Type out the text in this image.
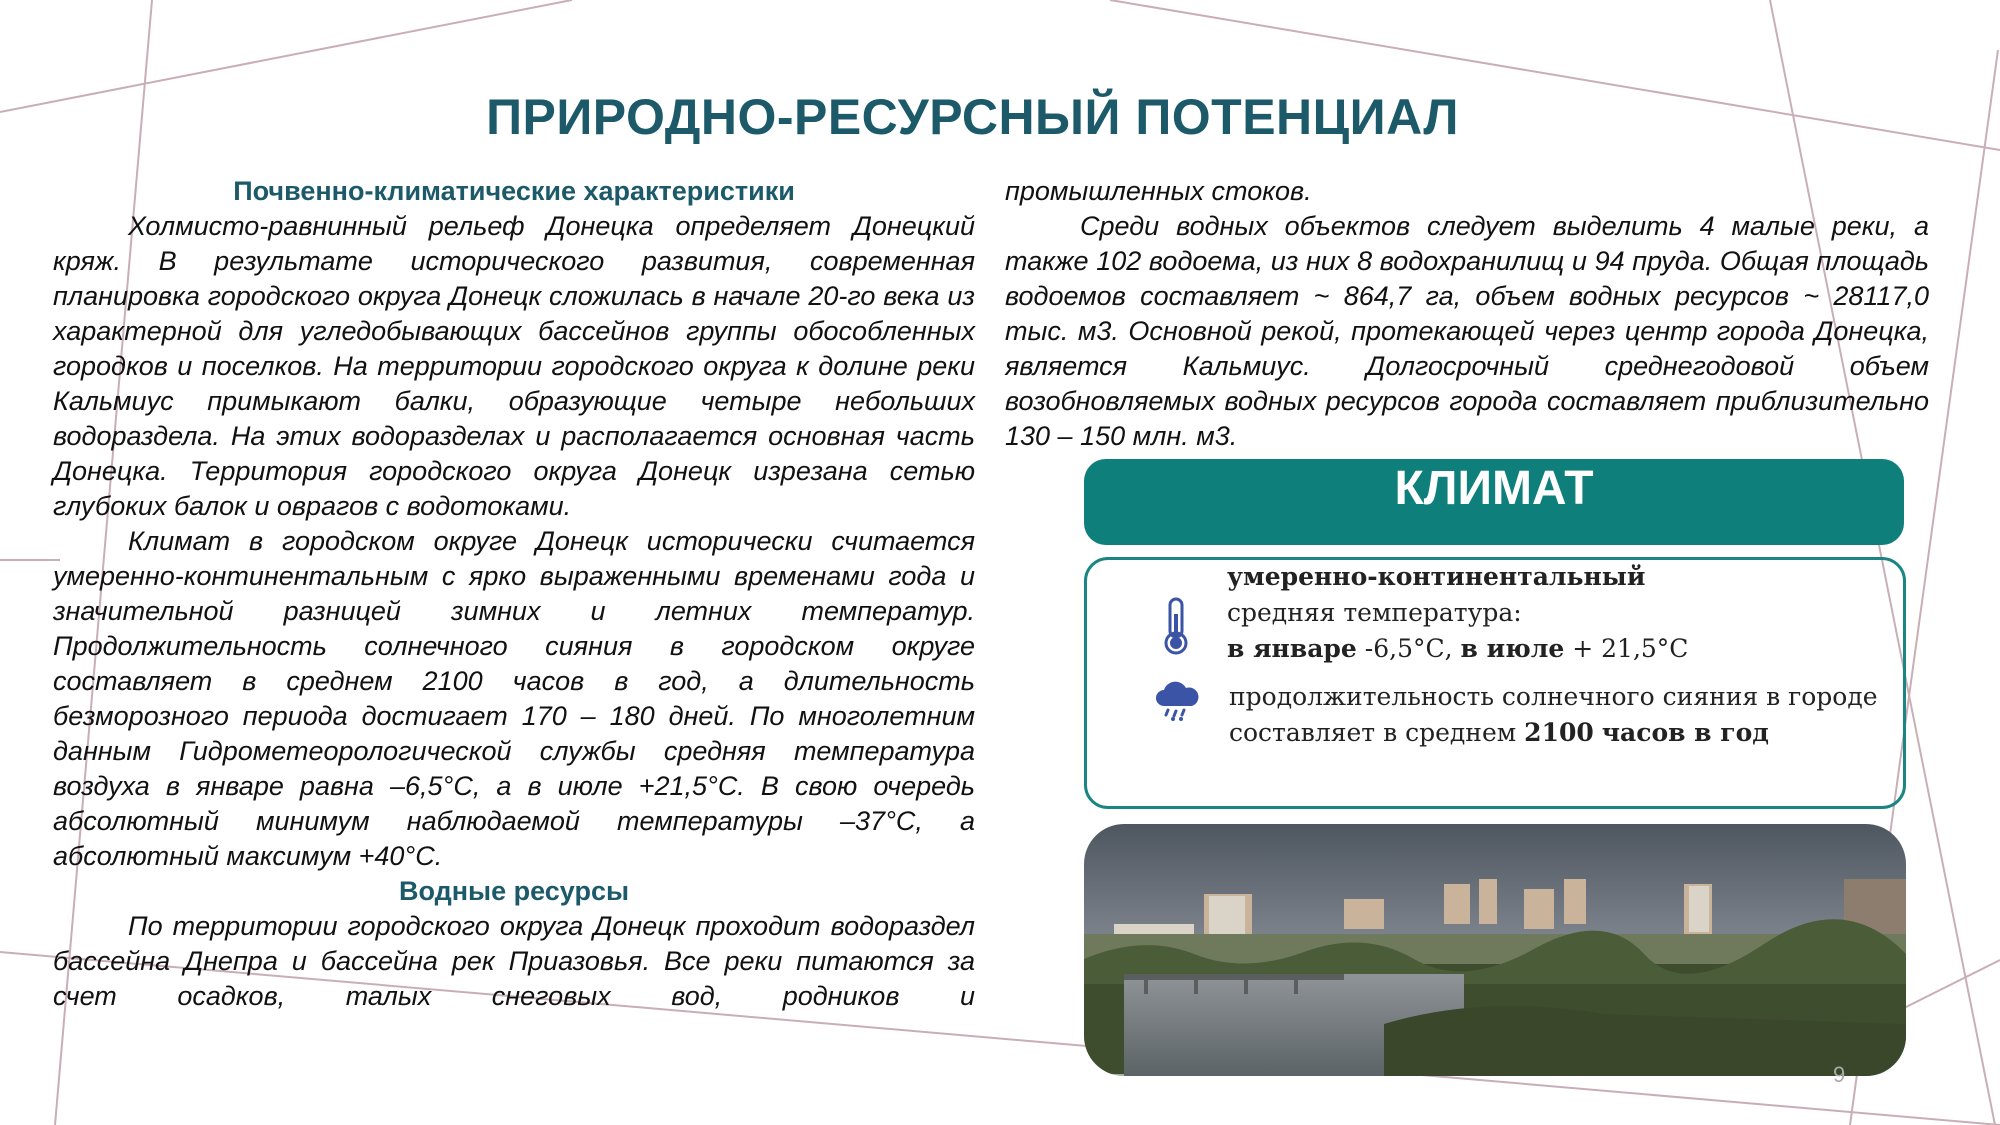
ПРИРОДНО-РЕСУРСНЫЙ ПОТЕНЦИАЛ
Почвенно-климатические характеристики

Холмисто-равнинный рельеф Донецка определяет Донецкий кряж. В результате исторического развития, современная планировка городского округа Донецк сложилась в начале 20-го века из характерной для угледобывающих бассейнов группы обособленных городков и поселков. На территории городского округа к долине реки Кальмиус примыкают балки, образующие четыре небольших водораздела. На этих водоразделах и располагается основная часть Донецка. Территория городского округа Донецк изрезана сетью глубоких балок и оврагов с водотоками.

Климат в городском округе Донецк исторически считается умеренно-континентальным с ярко выраженными временами года и значительной разницей зимних и летних температур. Продолжительность солнечного сияния в городском округе составляет в среднем 2100 часов в год, а длительность безморозного периода достигает 170 – 180 дней. По многолетним данным Гидрометеорологической службы средняя температура воздуха в январе равна –6,5°С, а в июле +21,5°С. В свою очередь абсолютный минимум наблюдаемой температуры –37°С, а абсолютный максимум +40°С.

Водные ресурсы

По территории городского округа Донецк проходит водораздел бассейна Днепра и бассейна рек Приазовья. Все реки питаются за счет осадков, талых снеговых вод, родников и

промышленных стоков.

Среди водных объектов следует выделить 4 малые реки, а также 102 водоема, из них 8 водохранилищ и 94 пруда. Общая площадь водоемов составляет ~ 864,7 га, объем водных ресурсов ~ 28117,0 тыс. м3. Основной рекой, протекающей через центр города Донецка, является Кальмиус. Долгосрочный среднегодовой объем возобновляемых водных ресурсов города составляет приблизительно 130 – 150 млн. м3.

КЛИМАТ
умеренно-континентальный
средняя температура:
в январе -6,5°С, в июле + 21,5°С
продолжительность солнечного сияния в городе
составляет в среднем 2100 часов в год
9
